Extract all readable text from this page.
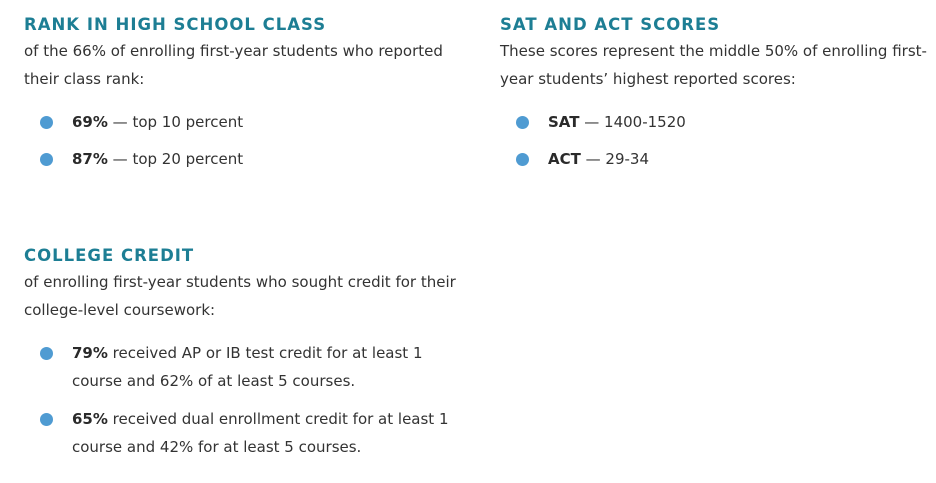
RANK IN HIGH SCHOOL CLASS

of the 66% of enrolling first-year students who reported their class rank:

69% — top 10 percent
87% — top 20 percent
SAT AND ACT SCORES

These scores represent the middle 50% of enrolling first-year students’ highest reported scores:

SAT — 1400-1520
ACT — 29-34
COLLEGE CREDIT

of enrolling first-year students who sought credit for their college-level coursework:

79% received AP or IB test credit for at least 1 course and 62% of at least 5 courses.
65% received dual enrollment credit for at least 1 course and 42% for at least 5 courses.
